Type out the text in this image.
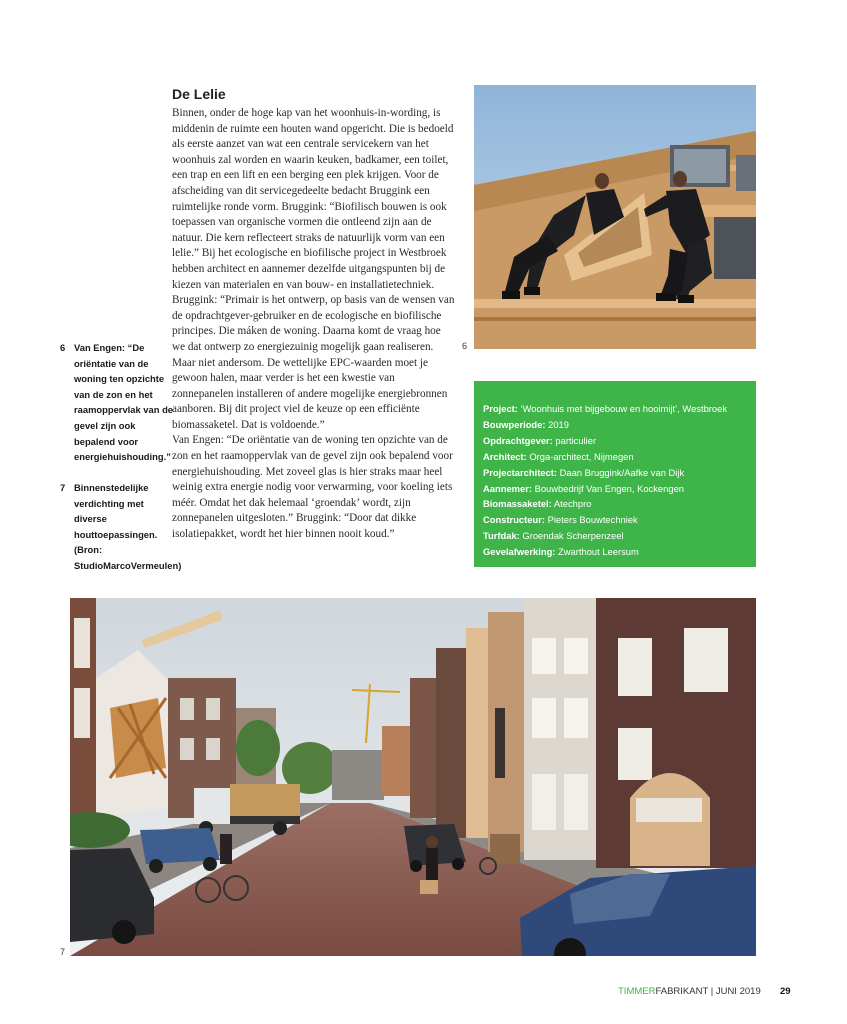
De Lelie

Binnen, onder de hoge kap van het woonhuis-in-wording, is middenin de ruimte een houten wand opgericht. Die is bedoeld als eerste aanzet van wat een centrale servicekern van het woonhuis zal worden en waarin keuken, badkamer, een toilet, een trap en een lift en een berging een plek krijgen. Voor de afscheiding van dit servicegedeelte bedacht Bruggink een ruimtelijke ronde vorm. Bruggink: “Biofilisch bouwen is ook toepassen van organische vormen die ontleend zijn aan de natuur. Die kern reflecteert straks de natuurlijk vorm van een lelie.” Bij het ecologische en biofilische project in Westbroek hebben architect en aannemer dezelfde uitgangspunten bij de kiezen van materialen en van bouw- en installatietechniek. Bruggink: “Primair is het ontwerp, op basis van de wensen van de opdrachtgever-gebruiker en de ecologische en biofilische principes. Die máken de woning. Daarna komt de vraag hoe we dat ontwerp zo energiezuinig mogelijk gaan realiseren. Maar niet andersom. De wettelijke EPC-waarden moet je gewoon halen, maar verder is het een kwestie van zonnepanelen installeren of andere mogelijke energiebronnen aanboren. Bij dit project viel de keuze op een efficiënte biomassaketel. Dat is voldoende.”

Van Engen: “De oriëntatie van de woning ten opzichte van de zon en het raamoppervlak van de gevel zijn ook bepalend voor energiehuishouding. Met zoveel glas is hier straks maar heel weinig extra energie nodig voor verwarming, voor koeling iets méér. Omdat het dak helemaal ‘groendak’ wordt, zijn zonnepanelen uitgesloten.” Bruggink: “Door dat dikke isolatiepakket, wordt het hier binnen nooit koud.”

6 Van Engen: “De oriëntatie van de woning ten opzichte van de zon en het raamoppervlak van de gevel zijn ook bepalend voor energiehuishouding.”
7 Binnenstedelijke verdichting met diverse houttoepassingen. (Bron: StudioMarcoVermeulen)
6
Project: ‘Woonhuis met bijgebouw en hooimijt’, Westbroek
Bouwperiode: 2019
Opdrachtgever: particulier
Architect: Orga-architect, Nijmegen
Projectarchitect: Daan Bruggink/Aafke van Dijk
Aannemer: Bouwbedrijf Van Engen, Kockengen
Biomassaketel: Atechpro
Constructeur: Pieters Bouwtechniek
Turfdak: Groendak Scherpenzeel
Gevelafwerking: Zwarthout Leersum
7
TIMMERFABRIKANT | JUNI 2019 29
